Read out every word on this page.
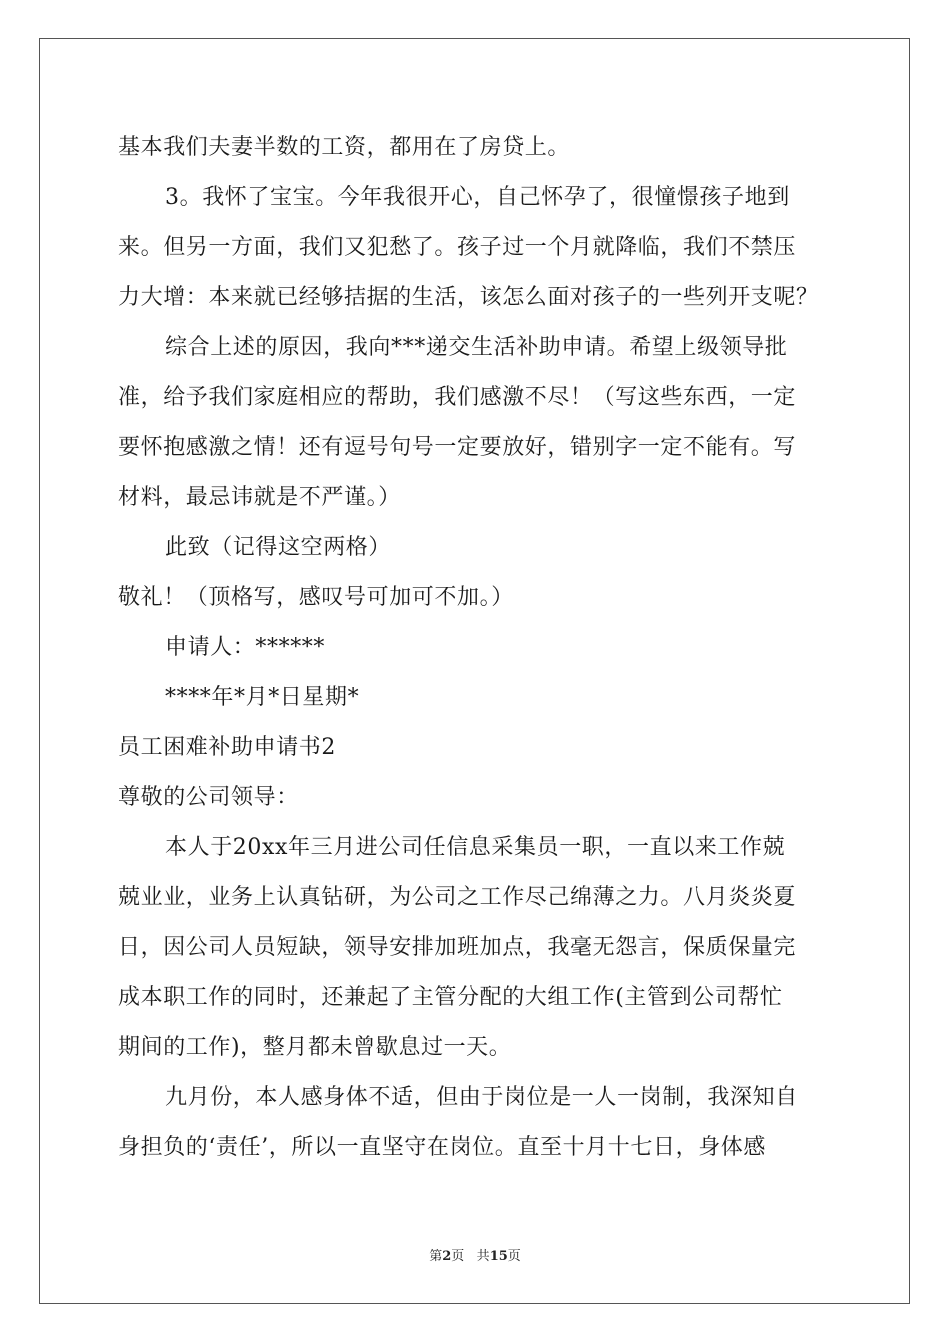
基本我们夫妻半数的工资，都用在了房贷上。
3。我怀了宝宝。今年我很开心，自己怀孕了，很憧憬孩子地到
来。但另一方面，我们又犯愁了。孩子过一个月就降临，我们不禁压
力大增：本来就已经够拮据的生活，该怎么面对孩子的一些列开支呢？
综合上述的原因，我向***递交生活补助申请。希望上级领导批
准，给予我们家庭相应的帮助，我们感激不尽！（写这些东西，一定
要怀抱感激之情！还有逗号句号一定要放好，错别字一定不能有。写
材料，最忌讳就是不严谨。）
此致（记得这空两格）
敬礼！（顶格写，感叹号可加可不加。）
申请人：******
****年*月*日星期*
员工困难补助申请书2
尊敬的公司领导：
本人于20xx年三月进公司任信息采集员一职，一直以来工作兢
兢业业，业务上认真钻研，为公司之工作尽己绵薄之力。八月炎炎夏
日，因公司人员短缺，领导安排加班加点，我毫无怨言，保质保量完
成本职工作的同时，还兼起了主管分配的大组工作(主管到公司帮忙
期间的工作)，整月都未曾歇息过一天。
九月份，本人感身体不适，但由于岗位是一人一岗制，我深知自
身担负的‘责任’，所以一直坚守在岗位。直至十月十七日，身体感
第2页 共15页
